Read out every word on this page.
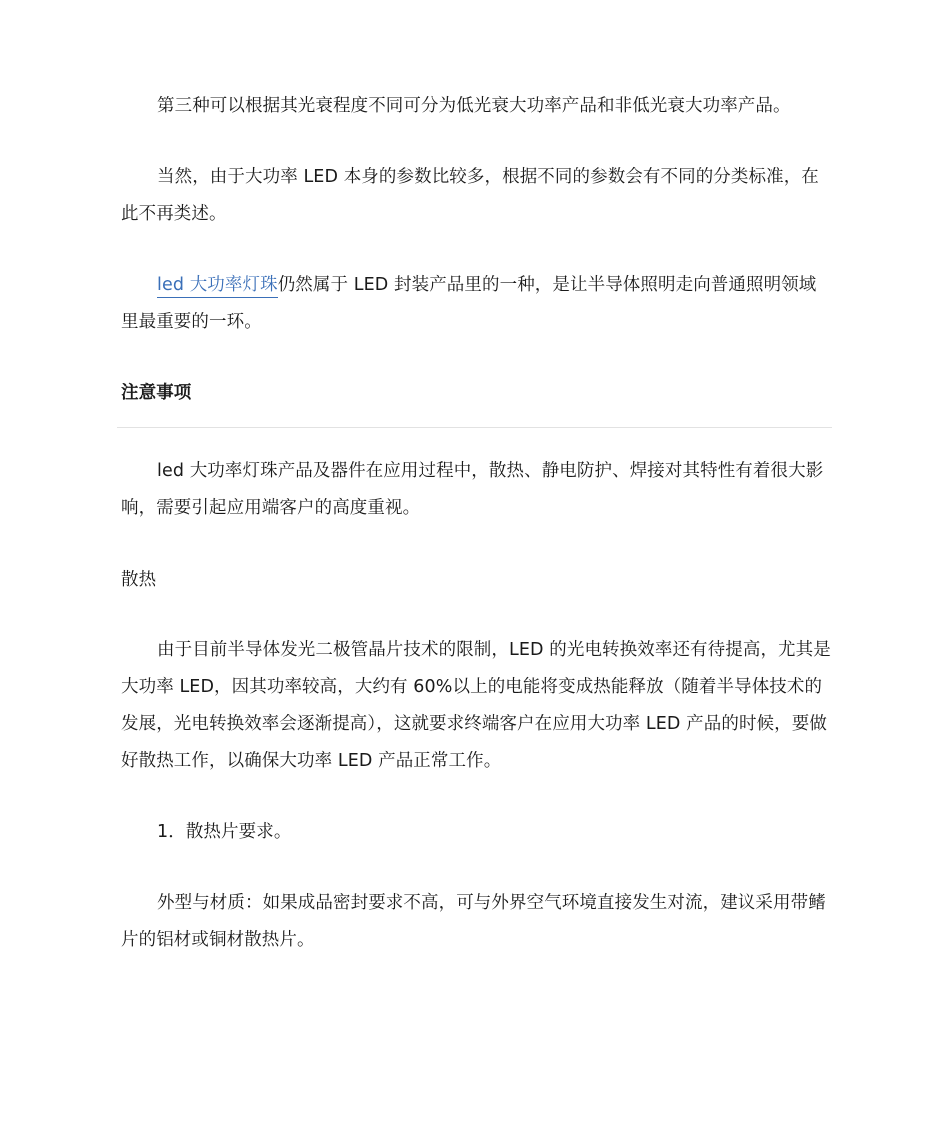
第三种可以根据其光衰程度不同可分为低光衰大功率产品和非低光衰大功率产品。

当然，由于大功率 LED 本身的参数比较多，根据不同的参数会有不同的分类标准，在此不再类述。

led 大功率灯珠仍然属于 LED 封装产品里的一种，是让半导体照明走向普通照明领域里最重要的一环。

注意事项

led 大功率灯珠产品及器件在应用过程中，散热、静电防护、焊接对其特性有着很大影响，需要引起应用端客户的高度重视。

散热

由于目前半导体发光二极管晶片技术的限制，LED 的光电转换效率还有待提高，尤其是大功率 LED，因其功率较高，大约有 60%以上的电能将变成热能释放（随着半导体技术的发展，光电转换效率会逐渐提高），这就要求终端客户在应用大功率 LED 产品的时候，要做好散热工作，以确保大功率 LED 产品正常工作。

1．散热片要求。

外型与材质：如果成品密封要求不高，可与外界空气环境直接发生对流，建议采用带鳍片的铝材或铜材散热片。
